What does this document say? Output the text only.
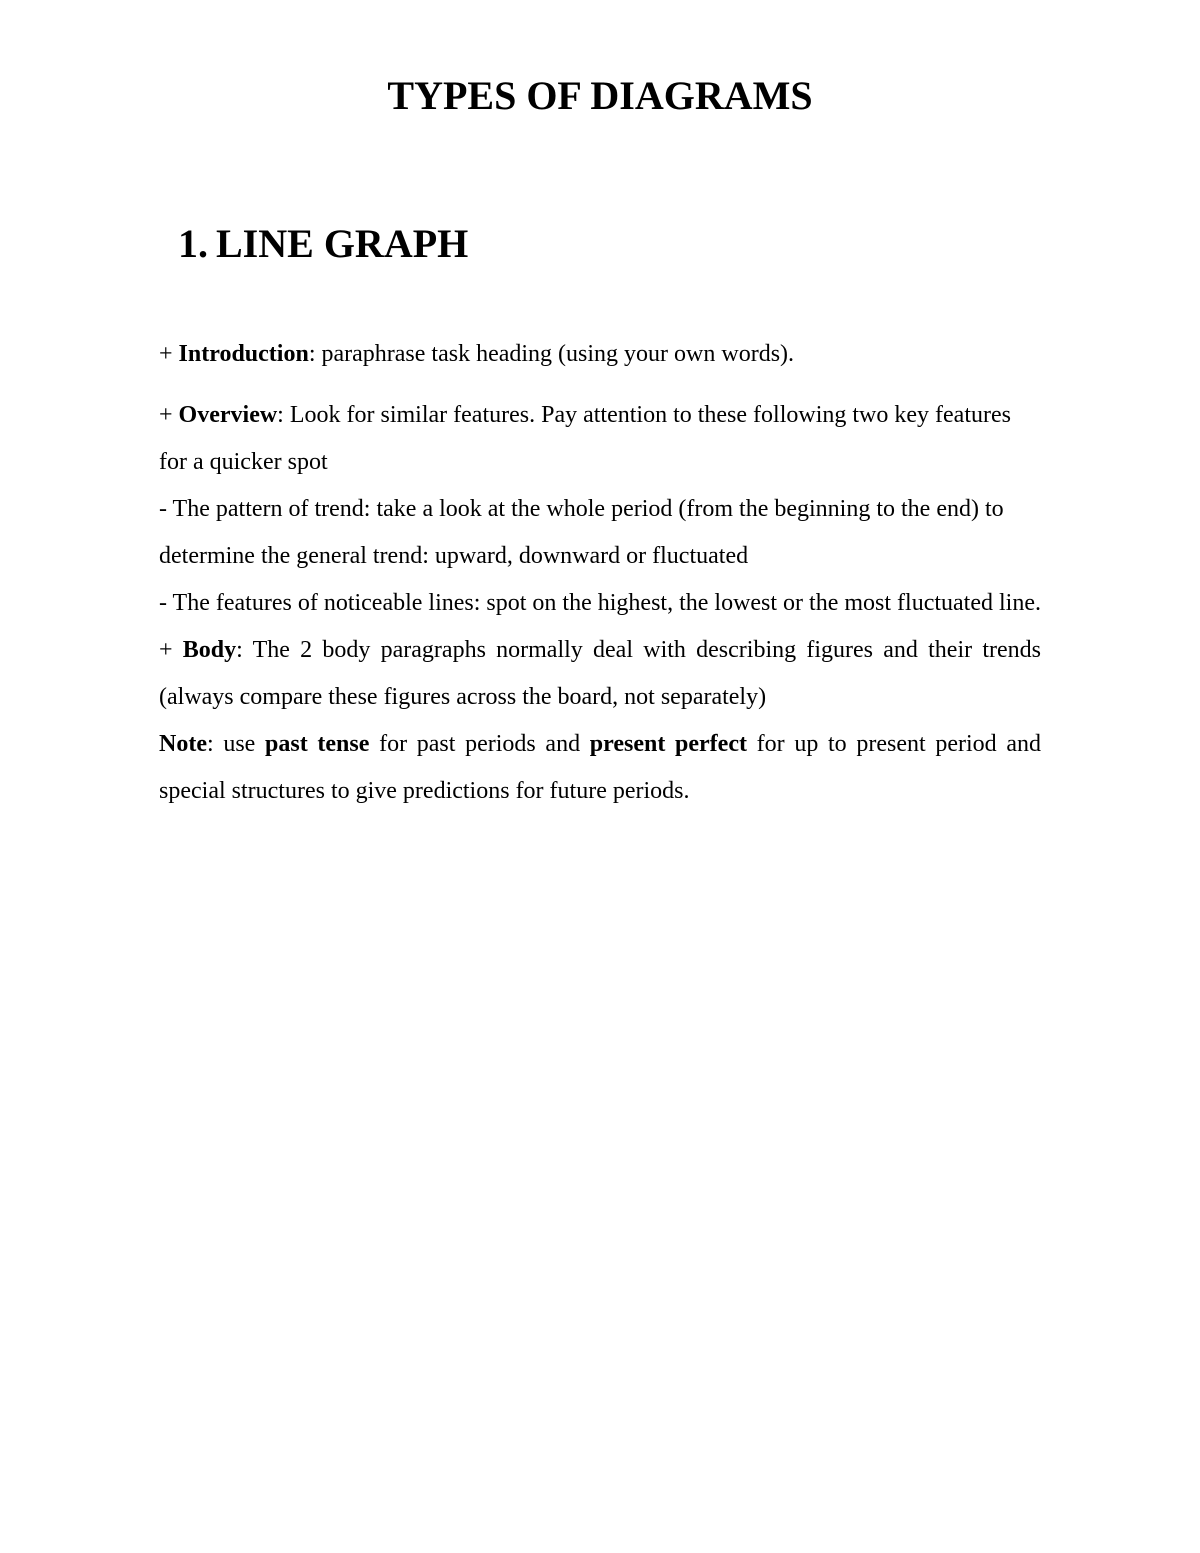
TYPES OF DIAGRAMS
1. LINE GRAPH

+ Introduction: paraphrase task heading (using your own words).

+ Overview: Look for similar features. Pay attention to these following two key features for a quicker spot

- The pattern of trend: take a look at the whole period (from the beginning to the end) to determine the general trend: upward, downward or fluctuated

- The features of noticeable lines: spot on the highest, the lowest or the most fluctuated line.

+ Body: The 2 body paragraphs normally deal with describing figures and their trends (always compare these figures across the board, not separately)

Note: use past tense for past periods and present perfect for up to present period and special structures to give predictions for future periods.
